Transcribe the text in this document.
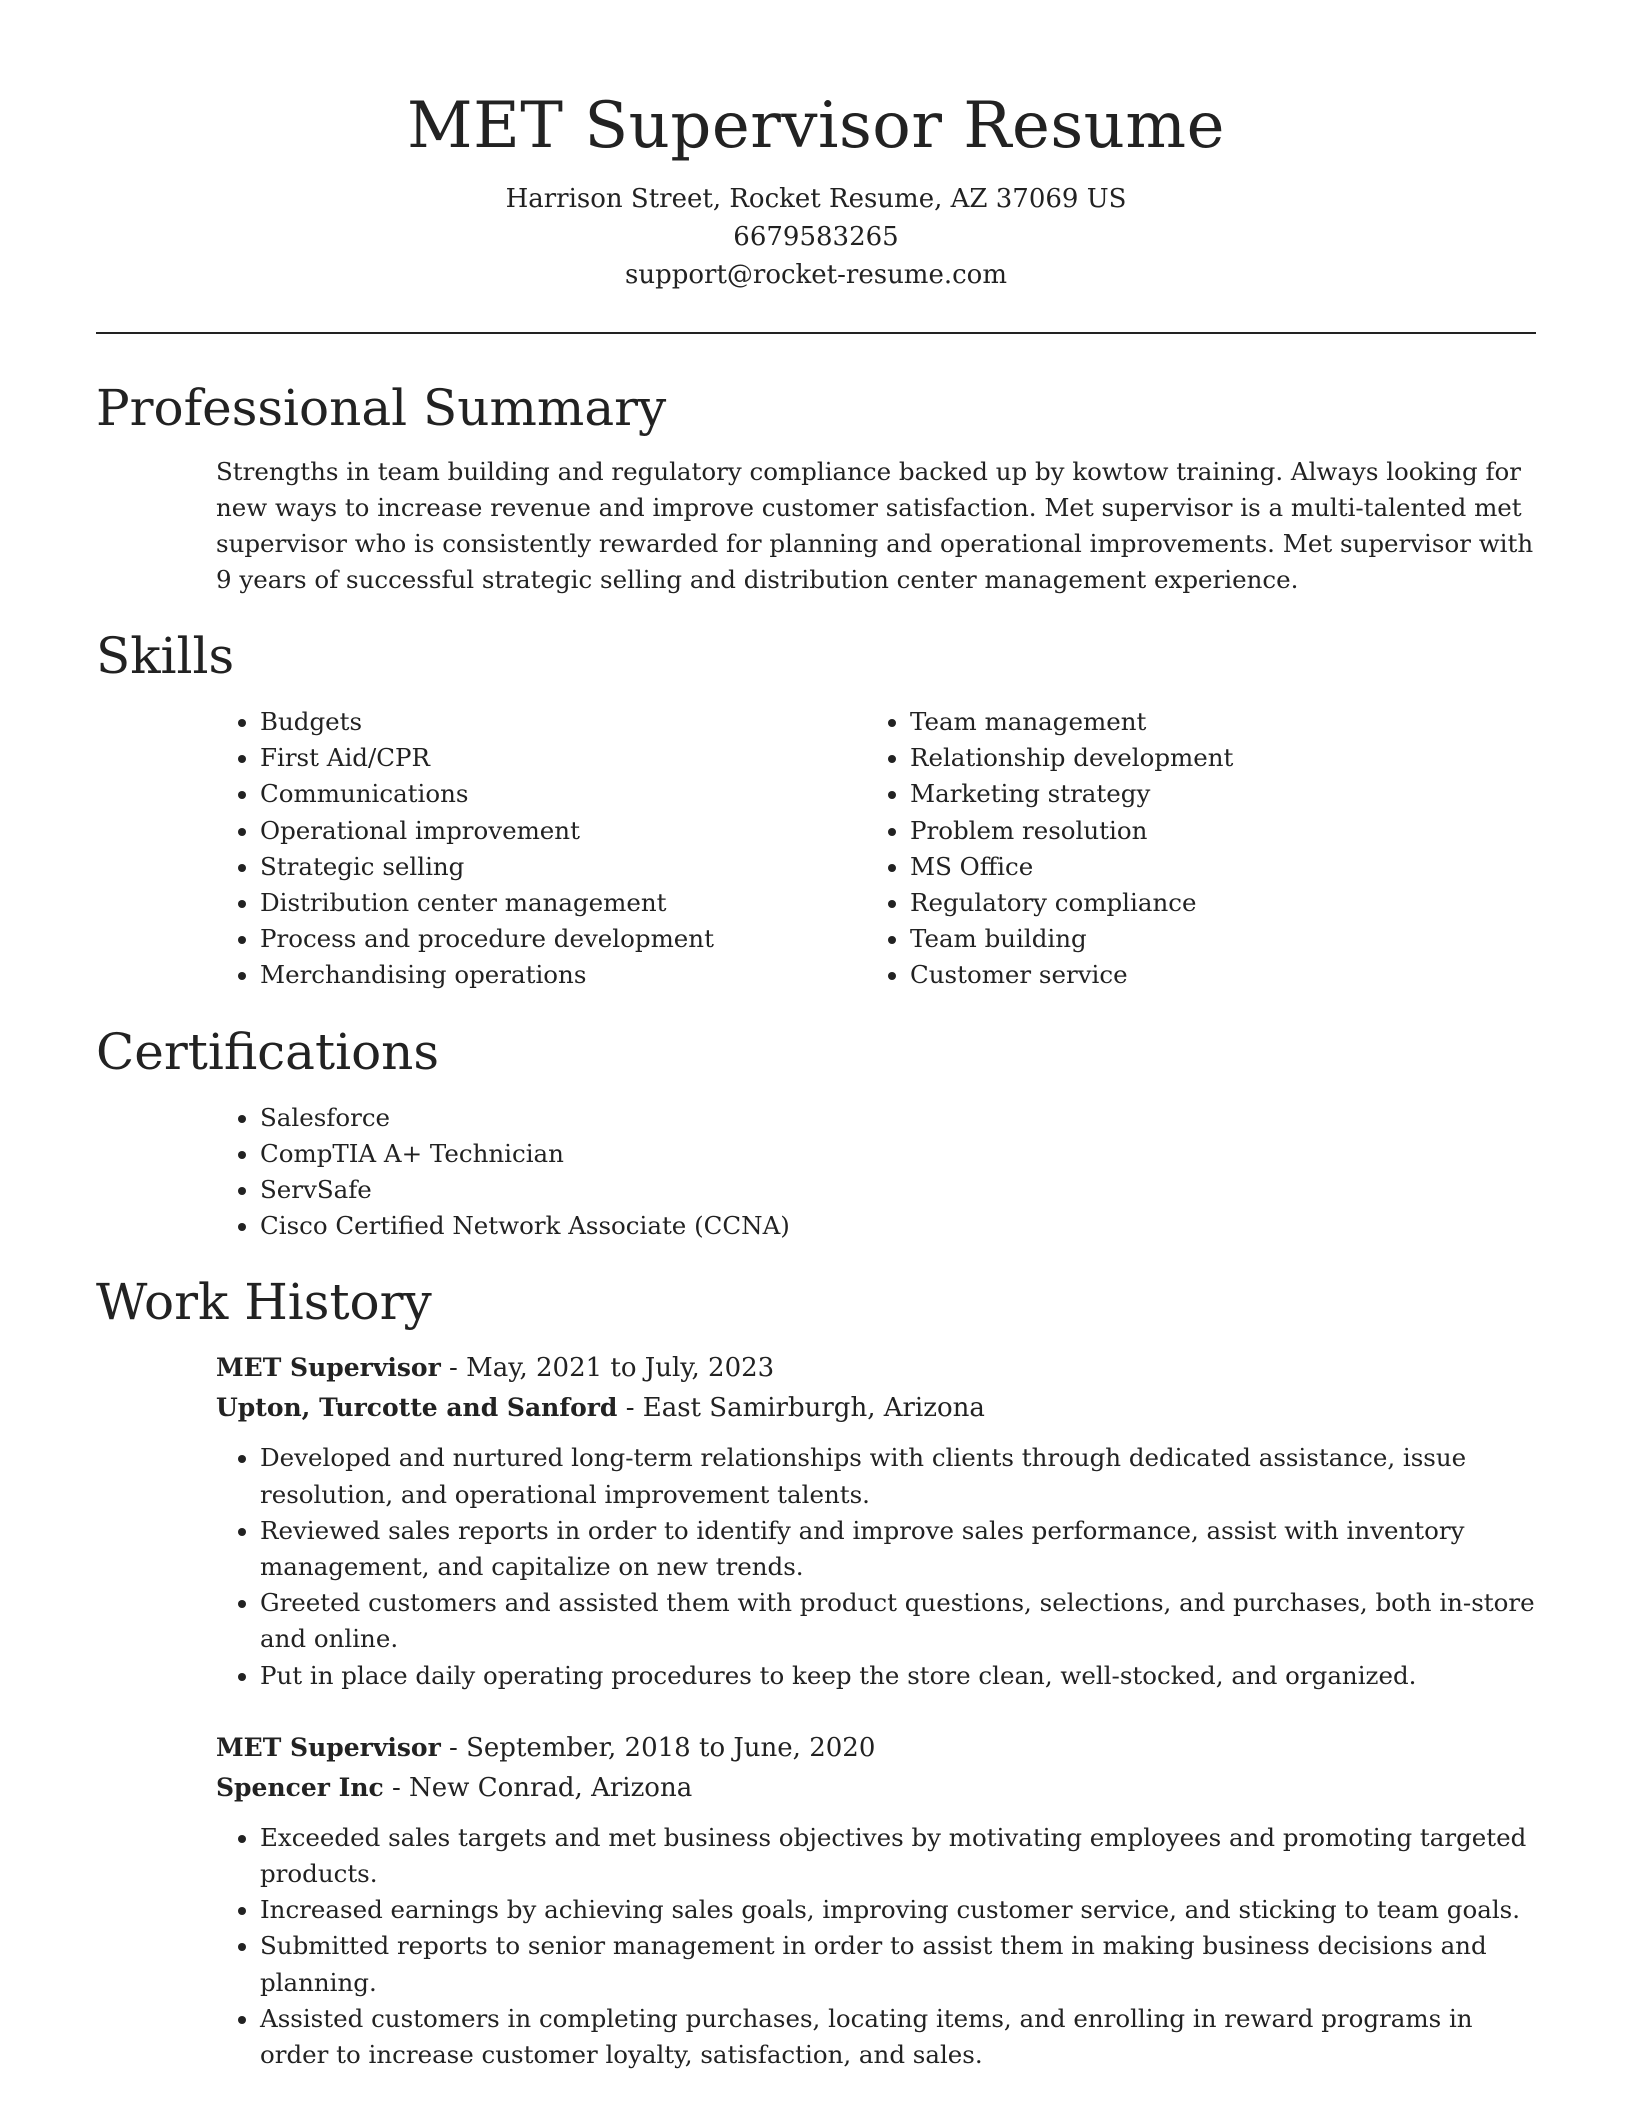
MET Supervisor Resume
Harrison Street, Rocket Resume, AZ 37069 US
6679583265
support@rocket-resume.com
Professional Summary

Strengths in team building and regulatory compliance backed up by kowtow training. Always looking for new ways to increase revenue and improve customer satisfaction. Met supervisor is a multi-talented met supervisor who is consistently rewarded for planning and operational improvements. Met supervisor with 9 years of successful strategic selling and distribution center management experience.

Skills
• Budgets
• First Aid/CPR
• Communications
• Operational improvement
• Strategic selling
• Distribution center management
• Process and procedure development
• Merchandising operations
• Team management
• Relationship development
• Marketing strategy
• Problem resolution
• MS Office
• Regulatory compliance
• Team building
• Customer service
Certifications
• Salesforce
• CompTIA A+ Technician
• ServSafe
• Cisco Certified Network Associate (CCNA)
Work History
MET Supervisor - May, 2021 to July, 2023
Upton, Turcotte and Sanford - East Samirburgh, Arizona
• Developed and nurtured long-term relationships with clients through dedicated assistance, issue resolution, and operational improvement talents.
• Reviewed sales reports in order to identify and improve sales performance, assist with inventory management, and capitalize on new trends.
• Greeted customers and assisted them with product questions, selections, and purchases, both in-store and online.
• Put in place daily operating procedures to keep the store clean, well-stocked, and organized.
MET Supervisor - September, 2018 to June, 2020
Spencer Inc - New Conrad, Arizona
• Exceeded sales targets and met business objectives by motivating employees and promoting targeted products.
• Increased earnings by achieving sales goals, improving customer service, and sticking to team goals.
• Submitted reports to senior management in order to assist them in making business decisions and planning.
• Assisted customers in completing purchases, locating items, and enrolling in reward programs in order to increase customer loyalty, satisfaction, and sales.
